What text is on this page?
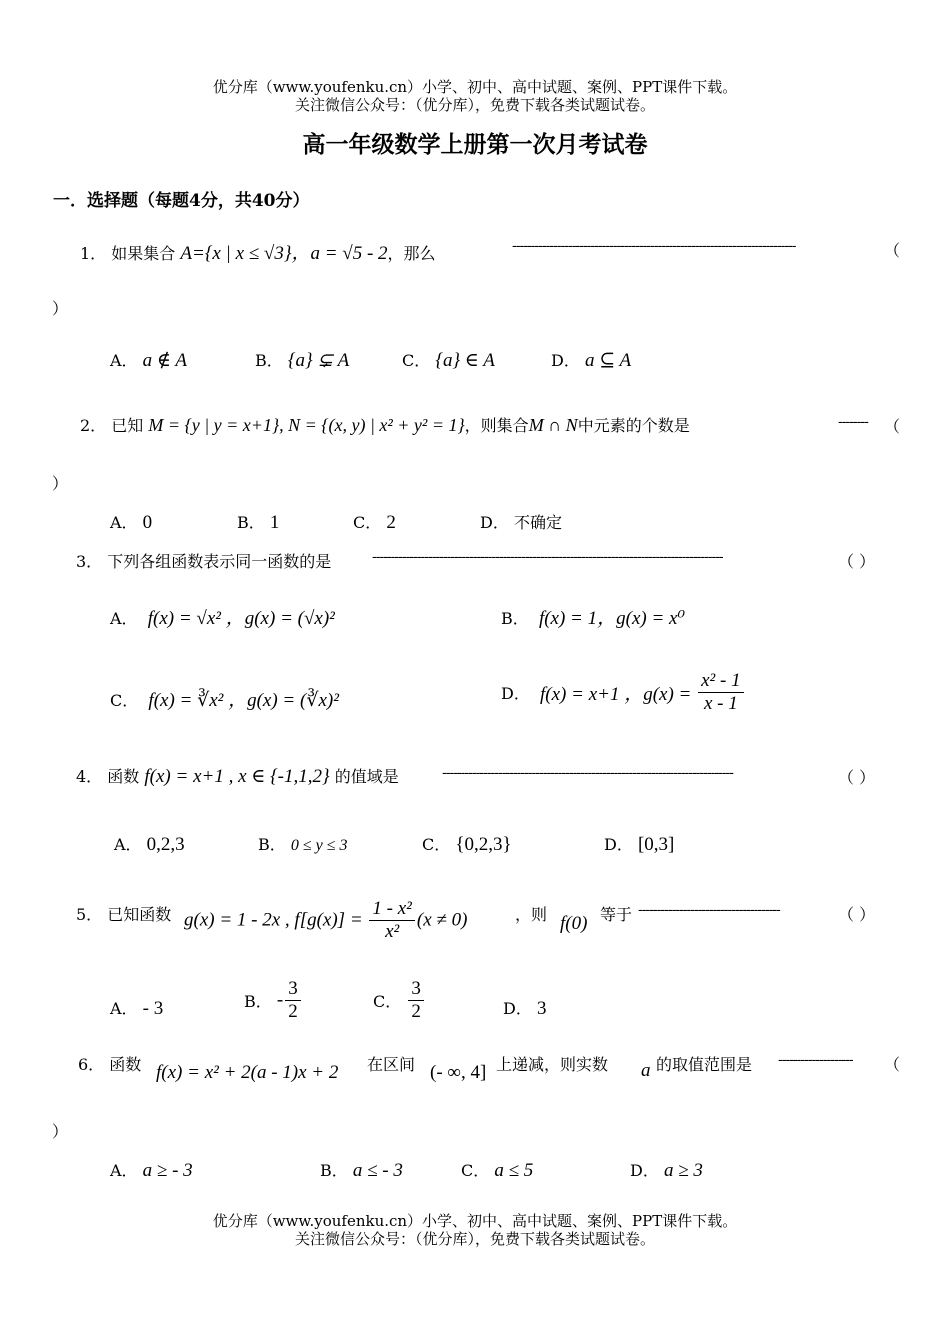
优分库（www.youfenku.cn）小学、初中、高中试题、案例、PPT课件下载。
关注微信公众号：（优分库），免费下载各类试题试卷。
高一年级数学上册第一次月考试卷
一．选择题（每题4分，共40分）
1． 如果集合 A={x | x ≤ √3}，a = √5 - 2，那么	----------------------------------------------------------------------------	（
）
A． a ∉ A	B． {a} ⊊ A	C． {a} ∈ A	D． a ⊆ A
2． 已知 M = {y | y = x+1}, N = {(x, y) | x² + y² = 1}，则集合M ∩ N中元素的个数是	--------	（
）
A． 0	B． 1	C． 2	D． 不确定
3． 下列各组函数表示同一函数的是	----------------------------------------------------------------------------------------------	（ ）
A． f(x) = √x² ，g(x) = (√x)²	B． f(x) = 1，g(x) = x⁰
C． f(x) = ∛x² ，g(x) = (∛x)²	D． f(x) = x+1 ，$g(x) = \frac{\text{x² - 1}}{x - 1}$
4． 函数 f(x) = x+1 , x ∈ {-1,1,2} 的值域是	------------------------------------------------------------------------------	（ ）
A． 0,2,3	B． 0 ≤ y ≤ 3	C． {0,2,3}	D． [0,3]
5． 已知函数 g(x) = 1 - 2x , $f[g(x)] = \frac{\text{1 - x²}}{\text{x²}} (x \ne 0)$	，则 f(0) 等于 --------------------------------------	（ ）
A． - 3	B． - $\frac{3}{2}$	C． $\frac{3}{2}$	D． 3
6． 函数 f(x) = x² + 2(a - 1)x + 2 在区间 (- ∞, 4] 上递减，则实数 a 的取值范围是 --------------------	（
）
A． a ≥ - 3	B． a ≤ - 3	C． a ≤ 5	D． a ≥ 3
优分库（www.youfenku.cn）小学、初中、高中试题、案例、PPT课件下载。
关注微信公众号：（优分库），免费下载各类试题试卷。
